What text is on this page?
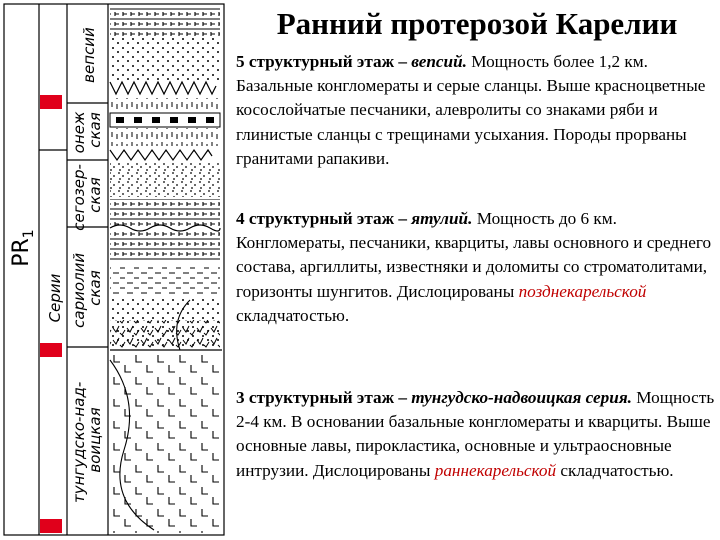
$PR_1$
Серии
вепсий
онеж ская
сегозер- ская
сариолий ская
тунгудско-над- воицкая
Ранний протерозой Карелии
5 структурный этаж – вепсий. Мощность более 1,2 км. Базальные конгломераты и серые сланцы. Выше красноцветные косослойчатые песчаники, алевролиты со знаками ряби и глинистые сланцы с трещинами усыхания. Породы прорваны гранитами рапакиви.
4 структурный этаж – ятулий. Мощность до 6 км. Конгломераты, песчаники, кварциты, лавы основного и среднего состава, аргиллиты, известняки и доломиты со строматолитами, горизонты шунгитов. Дислоцированы позднекарельской складчатостью.
3 структурный этаж – тунгудско-надвоицкая серия. Мощность 2-4 км. В основании базальные конгломераты и кварциты. Выше основные лавы, пирокластика, основные и ультраосновные интрузии. Дислоцированы раннекарельской складчатостью.
